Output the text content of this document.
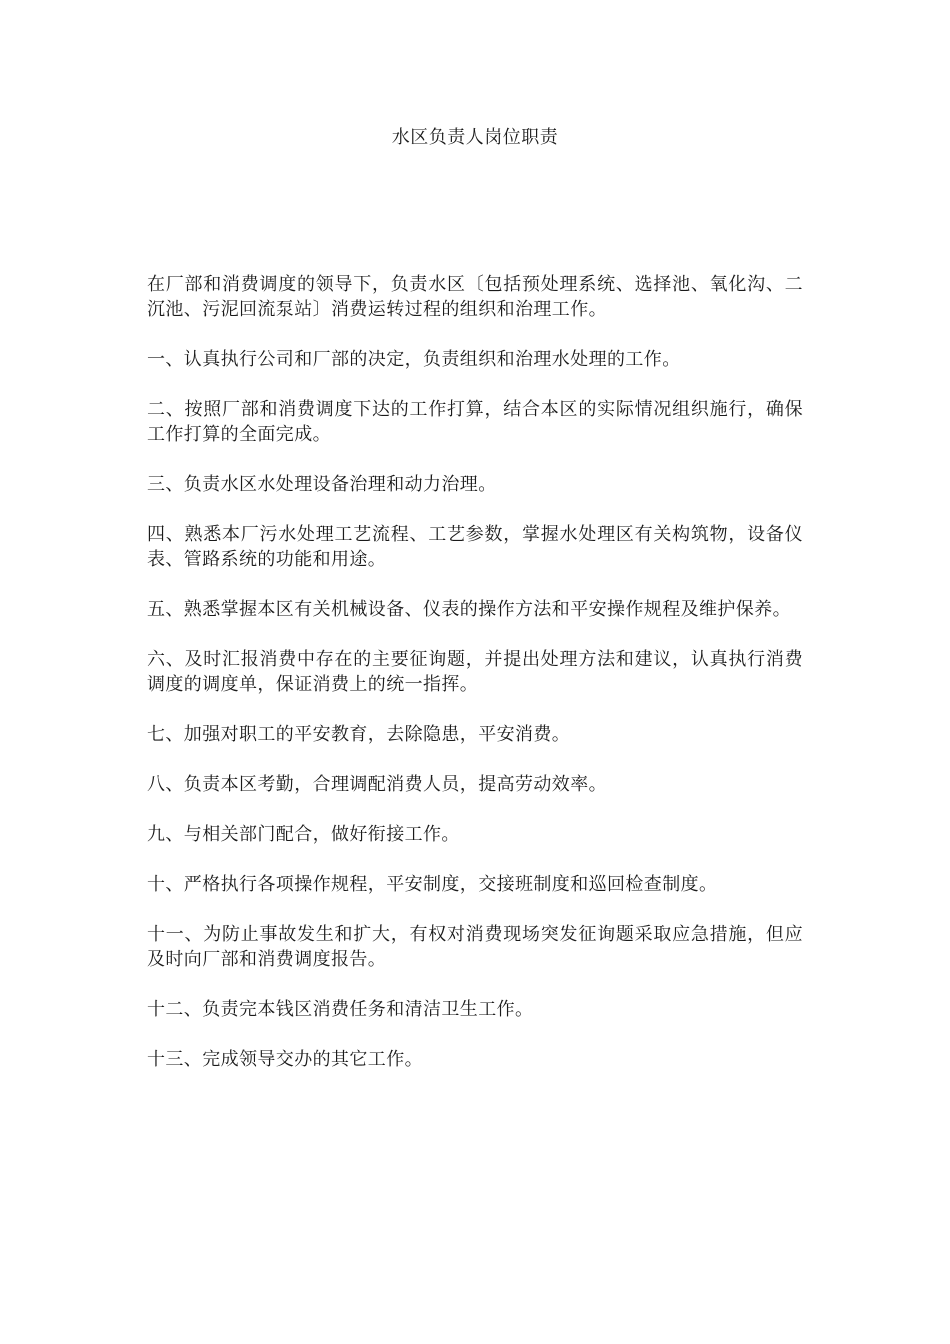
水区负责人岗位职责

在厂部和消费调度的领导下，负责水区〔包括预处理系统、选择池、氧化沟、二沉池、污泥回流泵站〕消费运转过程的组织和治理工作。

一、认真执行公司和厂部的决定，负责组织和治理水处理的工作。

二、按照厂部和消费调度下达的工作打算，结合本区的实际情况组织施行，确保工作打算的全面完成。

三、负责水区水处理设备治理和动力治理。

四、熟悉本厂污水处理工艺流程、工艺参数，掌握水处理区有关构筑物，设备仪表、管路系统的功能和用途。

五、熟悉掌握本区有关机械设备、仪表的操作方法和平安操作规程及维护保养。

六、及时汇报消费中存在的主要征询题，并提出处理方法和建议，认真执行消费调度的调度单，保证消费上的统一指挥。

七、加强对职工的平安教育，去除隐患，平安消费。

八、负责本区考勤，合理调配消费人员，提高劳动效率。

九、与相关部门配合，做好衔接工作。

十、严格执行各项操作规程，平安制度，交接班制度和巡回检查制度。

十一、为防止事故发生和扩大，有权对消费现场突发征询题采取应急措施，但应及时向厂部和消费调度报告。

十二、负责完本钱区消费任务和清洁卫生工作。

十三、完成领导交办的其它工作。
